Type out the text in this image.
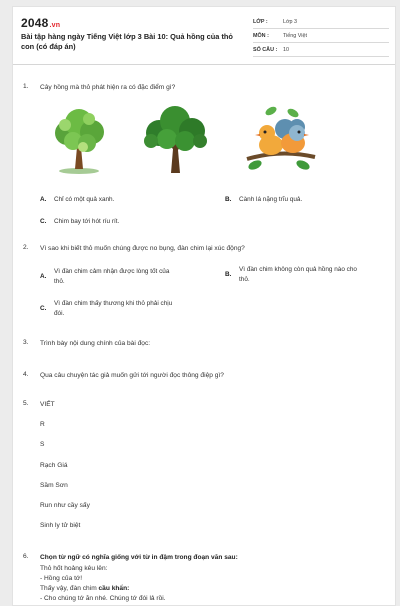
2048.vn
Bài tập hàng ngày Tiếng Việt lớp 3 Bài 10: Quả hồng của thỏ con (có đáp án)
LỚP :	Lớp 3
MÔN :	Tiếng Việt
SỐ CÂU :	10
1.	Cây hồng mà thỏ phát hiện ra có đặc điểm gì?
A. Chỉ có một quả xanh.	B. Cành lá nặng trĩu quả.
C. Chim bay tới hót ríu rít.
2.	Vì sao khi biết thỏ muốn chúng được no bụng, đàn chim lại xúc động?
A.
Vì đàn chim cảm nhận được lòng tốt của
thỏ.
B.
Vì đàn chim không còn quả hồng nào cho
thỏ.
C.
Vì đàn chim thấy thương khi thỏ phải chịu
đói.
3.	Trình bày nội dung chính của bài đọc:
4.	Qua câu chuyện tác giả muốn gửi tới người đọc thông điệp gì?
5.	VIẾT
R
S
Rạch Giá
Sầm Sơn
Run như cầy sấy
Sinh ly tử biệt
6.	Chọn từ ngữ có nghĩa giống với từ in đậm trong đoạn văn sau:
Thỏ hốt hoảng kêu lên:
- Hồng của tớ!
Thấy vậy, đàn chim cầu khẩn:
- Cho chúng tớ ăn nhé. Chúng tớ đói lả rồi.
